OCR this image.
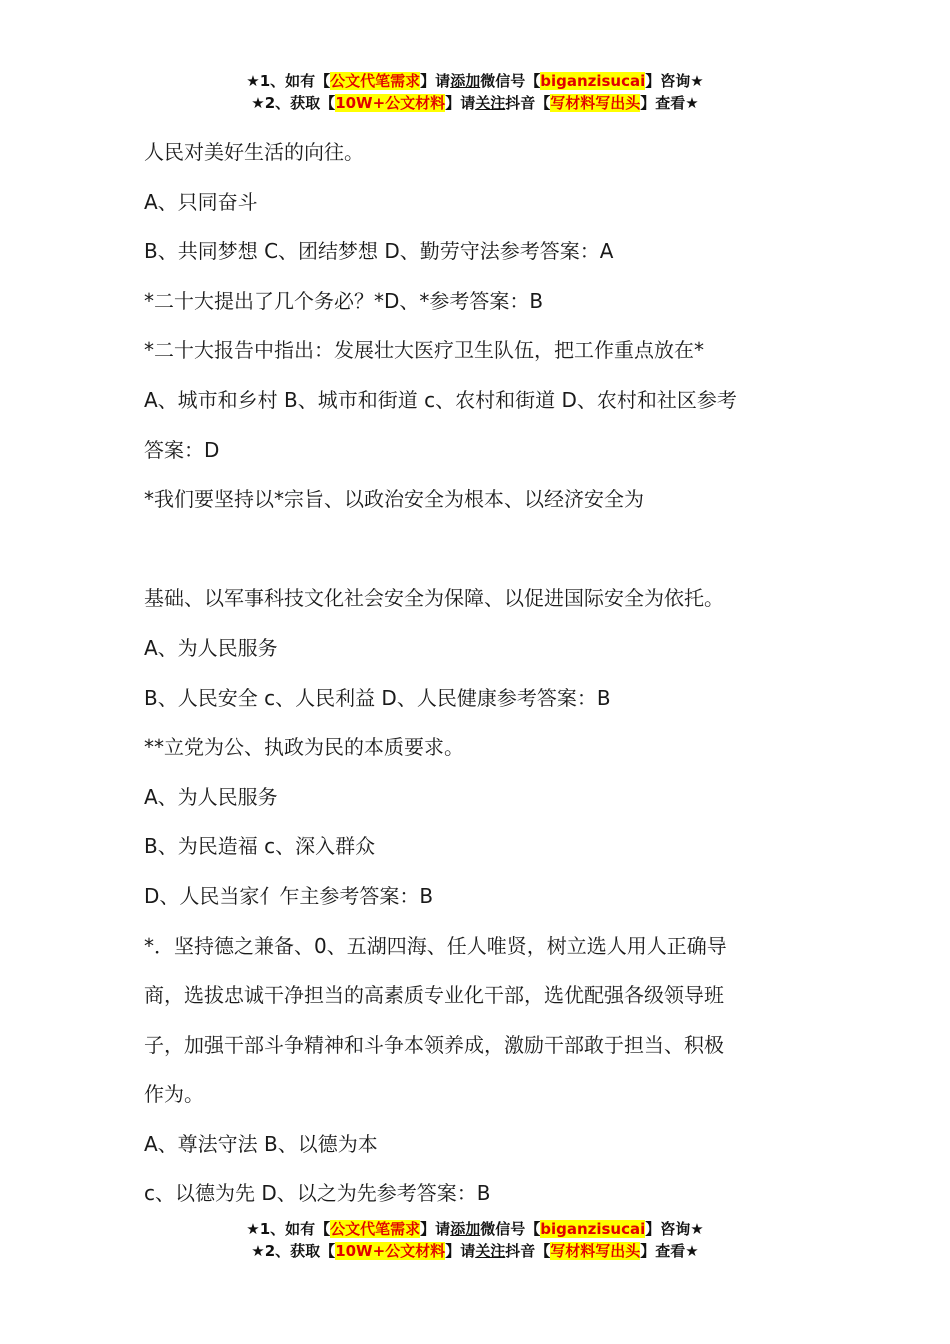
★1、如有【公文代笔需求】请添加微信号【biganzisucai】咨询★
★2、获取【10W+公文材料】请关注抖音【写材料写出头】查看★

人民对美好生活的向往。

A、只同奋斗

B、共同梦想 C、团结梦想 D、勤劳守法参考答案：A

*二十大提出了几个务必？*D、*参考答案：B

*二十大报告中指出：发展壮大医疗卫生队伍，把工作重点放在*

A、城市和乡村 B、城市和街道 c、农村和街道 D、农村和社区参考

答案：D

*我们要坚持以*宗旨、以政治安全为根本、以经济安全为

基础、以军事科技文化社会安全为保障、以促进国际安全为依托。

A、为人民服务

B、人民安全 c、人民利益 D、人民健康参考答案：B

**立党为公、执政为民的本质要求。

A、为人民服务

B、为民造福 c、深入群众

D、人民当家亻乍主参考答案：B

*．坚持德之兼备、0、五湖四海、任人唯贤，树立选人用人正确导

商，选拔忠诚干净担当的高素质专业化干部，选优配强各级领导班

子，加强干部斗争精神和斗争本领养成，激励干部敢于担当、积极

作为。

A、尊法守法 B、以德为本

c、以德为先 D、以之为先参考答案：B

★1、如有【公文代笔需求】请添加微信号【biganzisucai】咨询★
★2、获取【10W+公文材料】请关注抖音【写材料写出头】查看★
